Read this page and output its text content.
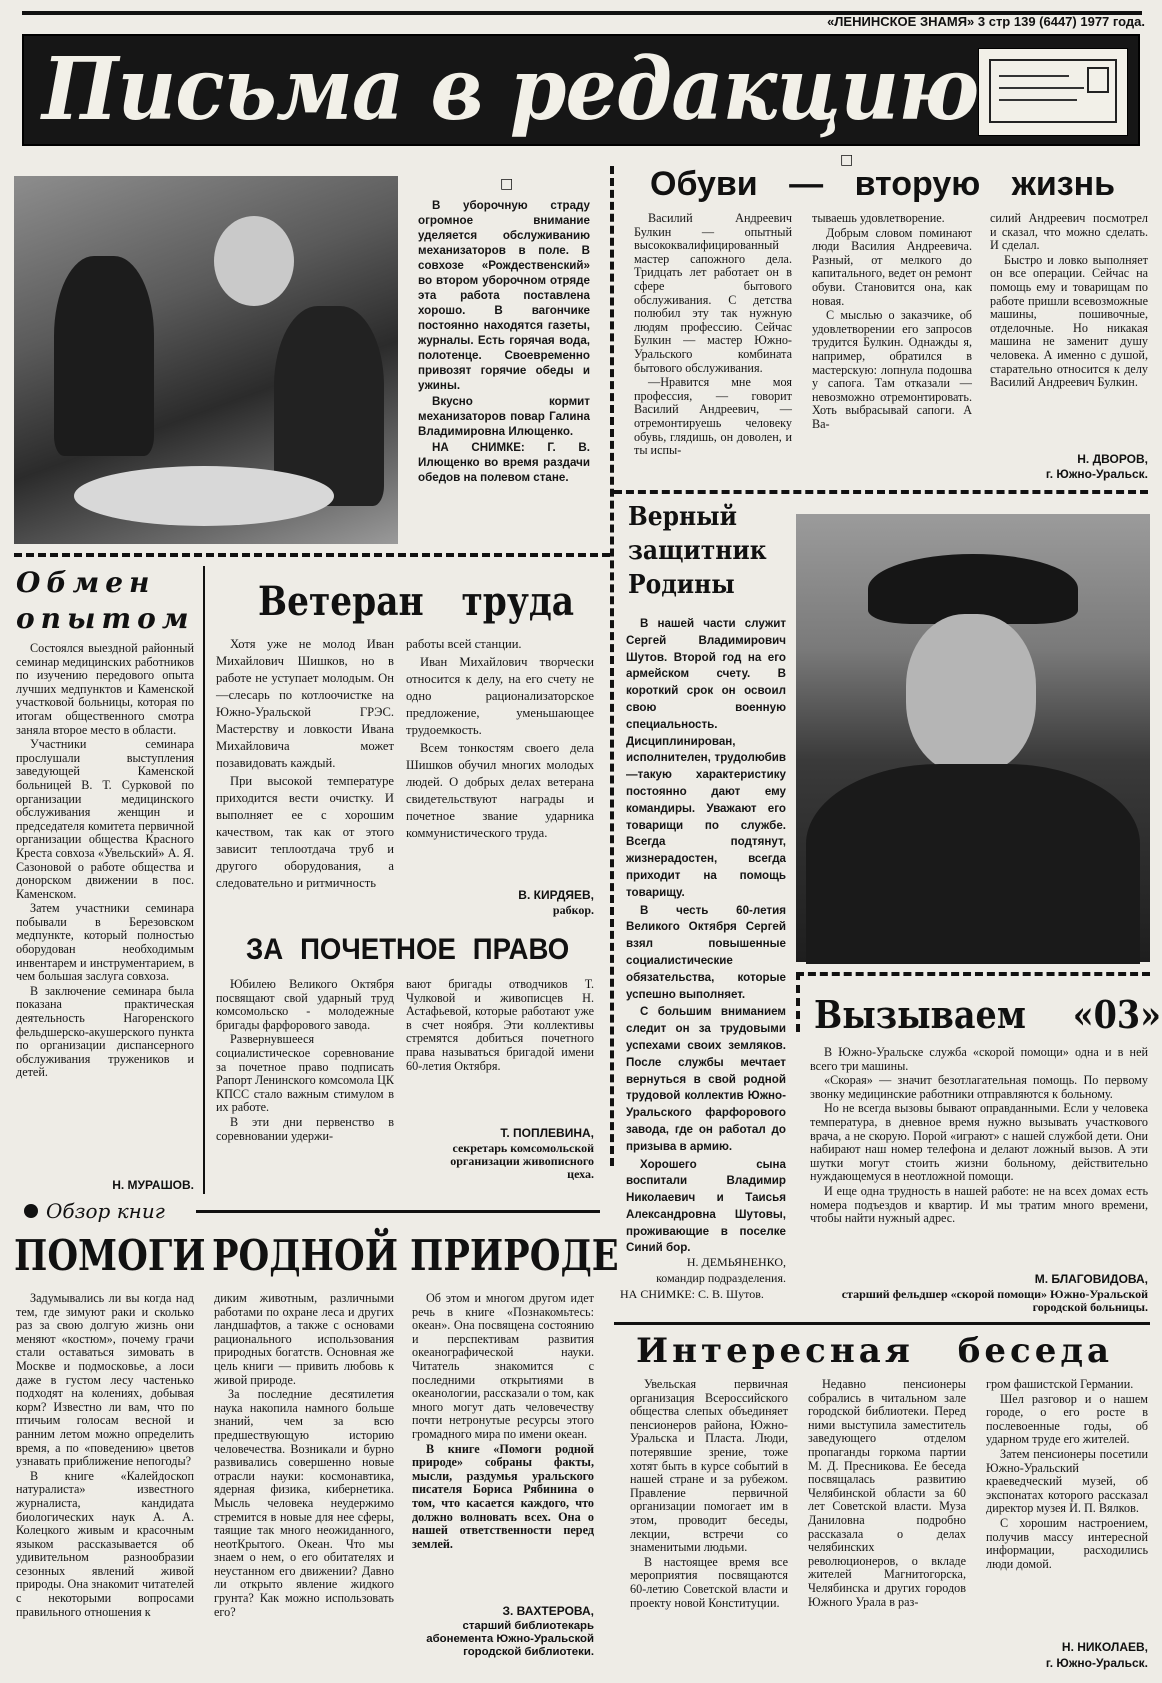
«ЛЕНИНСКОЕ ЗНАМЯ» 3 стр 139 (6447) 1977 года.
Письма в редакцию
□

В уборочную страду огромное внимание уделяется обслуживанию механизаторов в поле. В совхозе «Рождественский» во втором уборочном отряде эта работа поставлена хорошо. В вагончике постоянно находятся газеты, журналы. Есть горячая вода, полотенце. Своевременно привозят горячие обеды и ужины.

Вкусно кормит механизаторов повар Галина Владимировна Илющенко.

НА СНИМКЕ: Г. В. Илющенко во время раздачи обедов на полевом стане.

□
Обуви — вторую жизнь

Василий Андреевич Булкин — опытный высококвалифицированный мастер сапожного дела. Тридцать лет работает он в сфере бытового обслуживания. С детства полюбил эту так нужную людям профессию. Сейчас Булкин — мастер Южно-Уральского комбината бытового обслуживания.

—Нравится мне моя профессия, — говорит Василий Андреевич, — отремонтируешь человеку обувь, глядишь, он доволен, и ты испы-

тываешь удовлетворение.

Добрым словом поминают люди Василия Андреевича. Разный, от мелкого до капитального, ведет он ремонт обуви. Становится она, как новая.

С мыслью о заказчике, об удовлетворении его запросов трудится Булкин. Однажды я, например, обратился в мастерскую: лопнула подошва у сапога. Там отказали — невозможно отремонтировать. Хоть выбрасывай сапоги. А Ва-

силий Андреевич посмотрел и сказал, что можно сделать. И сделал.

Быстро и ловко выполняет он все операции. Сейчас на помощь ему и товарищам по работе пришли всевозможные машины, пошивочные, отделочные. Но никакая машина не заменит душу человека. А именно с душой, старательно относится к делу Василий Андреевич Булкин.

Н. ДВОРОВ,
г. Южно-Уральск.
Обмен
опытом

Состоялся выездной районный семинар медицинских работников по изучению передового опыта лучших медпунктов и Каменской участковой больницы, которая по итогам общественного смотра заняла второе место в области.

Участники семинара прослушали выступления заведующей Каменской больницей В. Т. Сурковой по организации медицинского обслуживания женщин и председателя комитета первичной организации общества Красного Креста совхоза «Увельский» А. Я. Сазоновой о работе общества и донорском движении в пос. Каменском.

Затем участники семинара побывали в Березовском медпункте, который полностью оборудован необходимым инвентарем и инструментарием, в чем большая заслуга совхоза.

В заключение семинара была показана практическая деятельность Нагоренского фельдшерско-акушерского пункта по организации диспансерного обслуживания тружеников и детей.

Н. МУРАШОВ.
Ветеран труда

Хотя уже не молод Иван Михайлович Шишков, но в работе не уступает молодым. Он —слесарь по котлоочистке на Южно-Уральской ГРЭС. Мастерству и ловкости Ивана Михайловича может позавидовать каждый.

При высокой температуре приходится вести очистку. И выполняет ее с хорошим качеством, так как от этого зависит теплоотдача труб и другого оборудования, а следовательно и ритмичность

работы всей станции.

Иван Михайлович творчески относится к делу, на его счету не одно рационализаторское предложение, уменьшающее трудоемкость.

Всем тонкостям своего дела Шишков обучил многих молодых людей. О добрых делах ветерана свидетельствуют награды и почетное звание ударника коммунистического труда.

В. КИРДЯЕВ,
рабкор.
ЗА ПОЧЕТНОЕ ПРАВО

Юбилею Великого Октября посвящают свой ударный труд комсомольско - молодежные бригады фарфорового завода.

Развернувшееся социалистическое соревнование за почетное право подписать Рапорт Ленинского комсомола ЦК КПСС стало важным стимулом в их работе.

В эти дни первенство в соревновании удержи-

вают бригады отводчиков Т. Чулковой и живописцев Н. Астафьевой, которые работают уже в счет ноября. Эти коллективы стремятся добиться почетного права называться бригадой имени 60-летия Октября.

Т. ПОПЛЕВИНА,
секретарь комсомольской организации живописного цеха.
Верный защитник Родины

В нашей части служит Сергей Владимирович Шутов. Второй год на его армейском счету. В короткий срок он освоил свою военную специальность. Дисциплинирован, исполнителен, трудолюбив —такую характеристику постоянно дают ему командиры. Уважают его товарищи по службе. Всегда подтянут, жизнерадостен, всегда приходит на помощь товарищу.

В честь 60-летия Великого Октября Сергей взял повышенные социалистические обязательства, которые успешно выполняет.

С большим вниманием следит он за трудовыми успехами своих земляков. После службы мечтает вернуться в свой родной трудовой коллектив Южно-Уральского фарфорового завода, где он работал до призыва в армию.

Хорошего сына воспитали Владимир Николаевич и Таисья Александровна Шутовы, проживающие в поселке Синий бор.

Н. ДЕМЬЯНЕНКО,
командир подразделения.
НА СНИМКЕ: С. В. Шутов.
Вызываем «03»

В Южно-Уральске служба «скорой помощи» одна и в ней всего три машины.

«Скорая» — значит безотлагательная помощь. По первому звонку медицинские работники отправляются к больному.

Но не всегда вызовы бывают оправданными. Если у человека температура, в дневное время нужно вызывать участкового врача, а не скорую. Порой «играют» с нашей службой дети. Они набирают наш номер телефона и делают ложный вызов. А эти шутки могут стоить жизни больному, действительно нуждающемуся в неотложной помощи.

И еще одна трудность в нашей работе: не на всех домах есть номера подъездов и квартир. И мы тратим много времени, чтобы найти нужный адрес.

М. БЛАГОВИДОВА,
старший фельдшер «скорой помощи» Южно-Уральской городской больницы.
Обзор книг
ПОМОГИ РОДНОЙ ПРИРОДЕ

Задумывались ли вы когда над тем, где зимуют раки и сколько раз за свою долгую жизнь они меняют «костюм», почему грачи стали оставаться зимовать в Москве и подмосковье, а лоси даже в густом лесу частенько подходят на колениях, добывая корм? Известно ли вам, что по птичьим голосам весной и ранним летом можно определить время, а по «поведению» цветов узнавать приближение непогоды?

В книге «Калейдоскоп натуралиста» известного журналиста, кандидата биологических наук А. А. Колецкого живым и красочным языком рассказывается об удивительном разнообразии сезонных явлений живой природы. Она знакомит читателей с некоторыми вопросами правильного отношения к

диким животным, различными работами по охране леса и других ландшафтов, а также с основами рационального использования природных богатств. Основная же цель книги — привить любовь к живой природе.

За последние десятилетия наука накопила намного больше знаний, чем за всю предшествующую историю человечества. Возникали и бурно развивались совершенно новые отрасли науки: космонавтика, ядерная физика, кибернетика. Мысль человека неудержимо стремится в новые для нее сферы, таящие так много неожиданного, неотКрытого. Океан. Что мы знаем о нем, о его обитателях и неустанном его движении? Давно ли открыто явление жидкого грунта? Как можно использовать его?

Об этом и многом другом идет речь в книге «Познакомьтесь: океан». Она посвящена состоянию и перспективам развития океанографической науки. Читатель знакомится с последними открытиями в океанологии, рассказали о том, как много могут дать человечеству почти нетронутые ресурсы этого громадного мира по имени океан.

В книге «Помоги родной природе» собраны факты, мысли, раздумья уральского писателя Бориса Рябинина о том, что касается каждого, что должно волновать всех. Она о нашей ответственности перед землей.

З. ВАХТЕРОВА,
старший библиотекарь абонемента Южно-Уральской городской библиотеки.
Интересная беседа

Увельская первичная организация Всероссийского общества слепых объединяет пенсионеров района, Южно-Уральска и Пласта. Люди, потерявшие зрение, тоже хотят быть в курсе событий в нашей стране и за рубежом. Правление первичной организации помогает им в этом, проводит беседы, лекции, встречи со знаменитыми людьми.

В настоящее время все мероприятия посвящаются 60-летию Советской власти и проекту новой Конституции.

Недавно пенсионеры собрались в читальном зале городской библиотеки. Перед ними выступила заместитель заведующего отделом пропаганды горкома партии М. Д. Пресникова. Ее беседа посвящалась развитию Челябинской области за 60 лет Советской власти. Муза Даниловна подробно рассказала о делах челябинских революционеров, о вкладе жителей Магнитогорска, Челябинска и других городов Южного Урала в раз-

гром фашистской Германии.

Шел разговор и о нашем городе, о его росте в послевоенные годы, об ударном труде его жителей.

Затем пенсионеры посетили Южно-Уральский краеведческий музей, об экспонатах которого рассказал директор музея И. П. Вялков.

С хорошим настроением, получив массу интересной информации, расходились люди домой.

Н. НИКОЛАЕВ,
г. Южно-Уральск.
